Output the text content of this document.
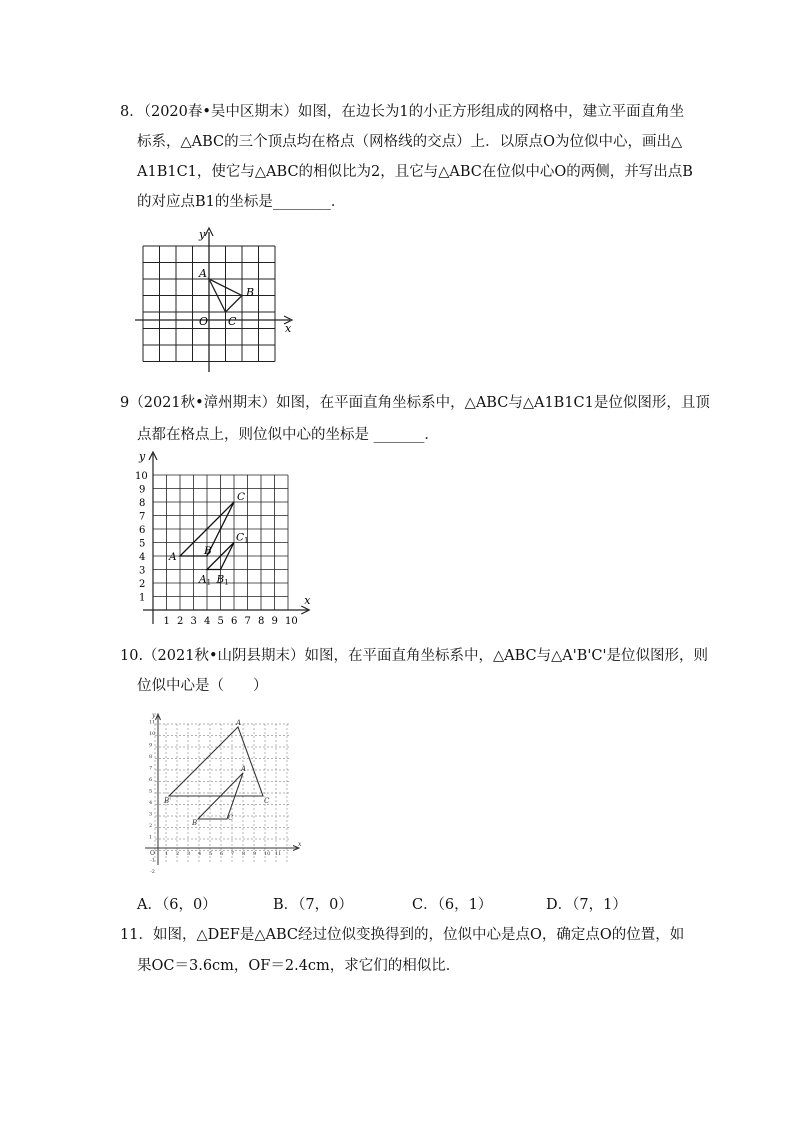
8．（2020春•吴中区期末）如图，在边长为1的小正方形组成的网格中，建立平面直角坐
标系，△ABC的三个顶点均在格点（网格线的交点）上．以原点O为位似中心，画出△
A1B1C1，使它与△ABC的相似比为2，且它与△ABC在位似中心O的两侧，并写出点B
的对应点B1的坐标是________．
y
x
A
B
C
O
9（2021秋•漳州期末）如图，在平面直角坐标系中，△ABC与△A1B1C1是位似图形，且顶
点都在格点上，则位似中心的坐标是 _______．
y
x
1 2 3 4 5 6 7 8 9 10
1
2
3
4
5
6
7
8
9
10
A	B
C
A1 B1
C1
10.（2021秋•山阴县期末）如图，在平面直角坐标系中，△ABC与△A'B'C'是位似图形，则
位似中心是（　　）
y
x
O
A
B'	C
A
B
C
1 2 3 4 5 6 7 8 9 10 11
1
2
3
4
5
6
7
8
9
10
11
-1
-2
A．（6，0）	B．（7，0）	C．（6，1）	D．（7，1）
11．如图，△DEF是△ABC经过位似变换得到的，位似中心是点O，确定点O的位置，如
果OC＝3.6cm，OF＝2.4cm，求它们的相似比．
